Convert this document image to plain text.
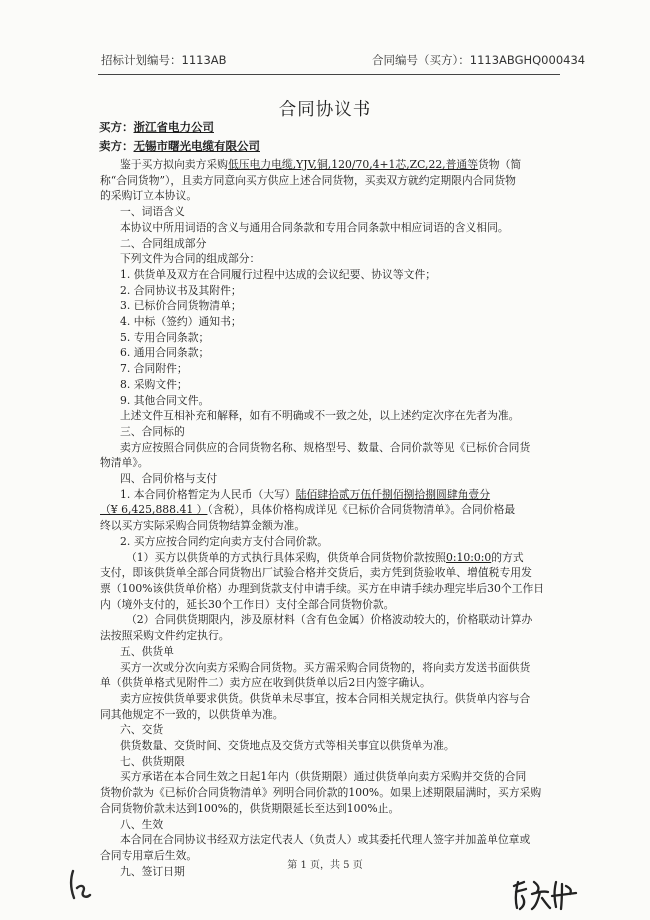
招标计划编号：1113AB	合同编号（买方）：1113ABGHQ000434
合同协议书
买方：浙江省电力公司
卖方：无锡市曙光电缆有限公司

鉴于买方拟向卖方采购低压电力电缆,YJV,铜,120/70,4+1芯,ZC,22,普通等货物（简

称“合同货物”），且卖方同意向买方供应上述合同货物，买卖双方就约定期限内合同货物

的采购订立本协议。

一、词语含义

本协议中所用词语的含义与通用合同条款和专用合同条款中相应词语的含义相同。

二、合同组成部分

下列文件为合同的组成部分：

1. 供货单及双方在合同履行过程中达成的会议纪要、协议等文件；

2. 合同协议书及其附件；

3. 已标价合同货物清单；

4. 中标（签约）通知书；

5. 专用合同条款；

6. 通用合同条款；

7. 合同附件；

8. 采购文件；

9. 其他合同文件。

上述文件互相补充和解释，如有不明确或不一致之处，以上述约定次序在先者为准。

三、合同标的

卖方应按照合同供应的合同货物名称、规格型号、数量、合同价款等见《已标价合同货

物清单》。

四、合同价格与支付

1. 本合同价格暂定为人民币（大写）陆佰肆拾贰万伍仟捌佰捌拾捌圆肆角壹分

（¥ 6,425,888.41 ）（含税），具体价格构成详见《已标价合同货物清单》。合同价格最

终以买方实际采购合同货物结算金额为准。

2. 买方应按合同约定向卖方支付合同价款。

（1）买方以供货单的方式执行具体采购，供货单合同货物价款按照0:10:0:0的方式

支付，即该供货单全部合同货物出厂试验合格并交货后，卖方凭到货验收单、增值税专用发

票（100%该供货单价格）办理到货款支付申请手续。买方在申请手续办理完毕后30个工作日

内（境外支付的，延长30个工作日）支付全部合同货物价款。

（2）合同供货期限内，涉及原材料（含有色金属）价格波动较大的，价格联动计算办

法按照采购文件约定执行。

五、供货单

买方一次或分次向卖方采购合同货物。买方需采购合同货物的，将向卖方发送书面供货

单（供货单格式见附件二）卖方应在收到供货单以后2日内签字确认。

卖方应按供货单要求供货。供货单未尽事宜，按本合同相关规定执行。供货单内容与合

同其他规定不一致的，以供货单为准。

六、交货

供货数量、交货时间、交货地点及交货方式等相关事宜以供货单为准。

七、供货期限

买方承诺在本合同生效之日起1年内（供货期限）通过供货单向卖方采购并交货的合同

货物价款为《已标价合同货物清单》列明合同价款的100%。如果上述期限届满时，买方采购

合同货物价款未达到100%的，供货期限延长至达到100%止。

八、生效

本合同在合同协议书经双方法定代表人（负责人）或其委托代理人签字并加盖单位章或

合同专用章后生效。

九、签订日期	第 1 页，共 5 页
